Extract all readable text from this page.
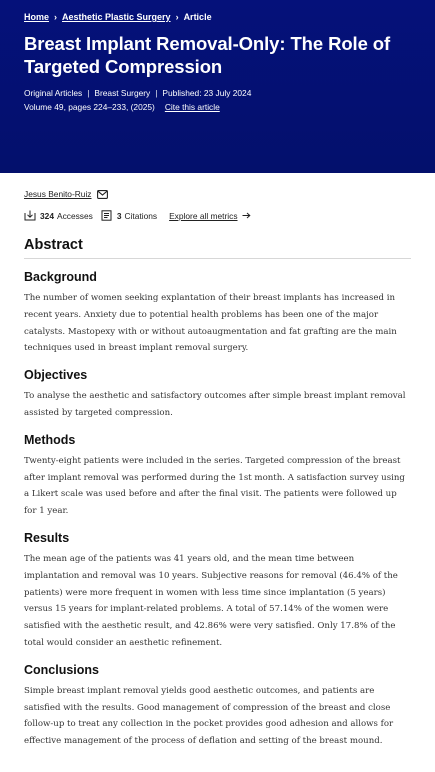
Home › Aesthetic Plastic Surgery › Article
Breast Implant Removal-Only: The Role of Targeted Compression
Original Articles | Breast Surgery | Published: 23 July 2024
Volume 49, pages 224–233, (2025) Cite this article
Jesus Benito-Ruiz
324 Accesses	3 Citations Explore all metrics
Abstract
Background

The number of women seeking explantation of their breast implants has increased in recent years. Anxiety due to potential health problems has been one of the major catalysts. Mastopexy with or without autoaugmentation and fat grafting are the main techniques used in breast implant removal surgery.

Objectives

To analyse the aesthetic and satisfactory outcomes after simple breast implant removal assisted by targeted compression.

Methods

Twenty-eight patients were included in the series. Targeted compression of the breast after implant removal was performed during the 1st month. A satisfaction survey using a Likert scale was used before and after the final visit. The patients were followed up for 1 year.

Results

The mean age of the patients was 41 years old, and the mean time between implantation and removal was 10 years. Subjective reasons for removal (46.4% of the patients) were more frequent in women with less time since implantation (5 years) versus 15 years for implant-related problems. A total of 57.14% of the women were satisfied with the aesthetic result, and 42.86% were very satisfied. Only 17.8% of the total would consider an aesthetic refinement.

Conclusions

Simple breast implant removal yields good aesthetic outcomes, and patients are satisfied with the results. Good management of compression of the breast and close follow-up to treat any collection in the pocket provides good adhesion and allows for effective management of the process of deflation and setting of the breast mound.
